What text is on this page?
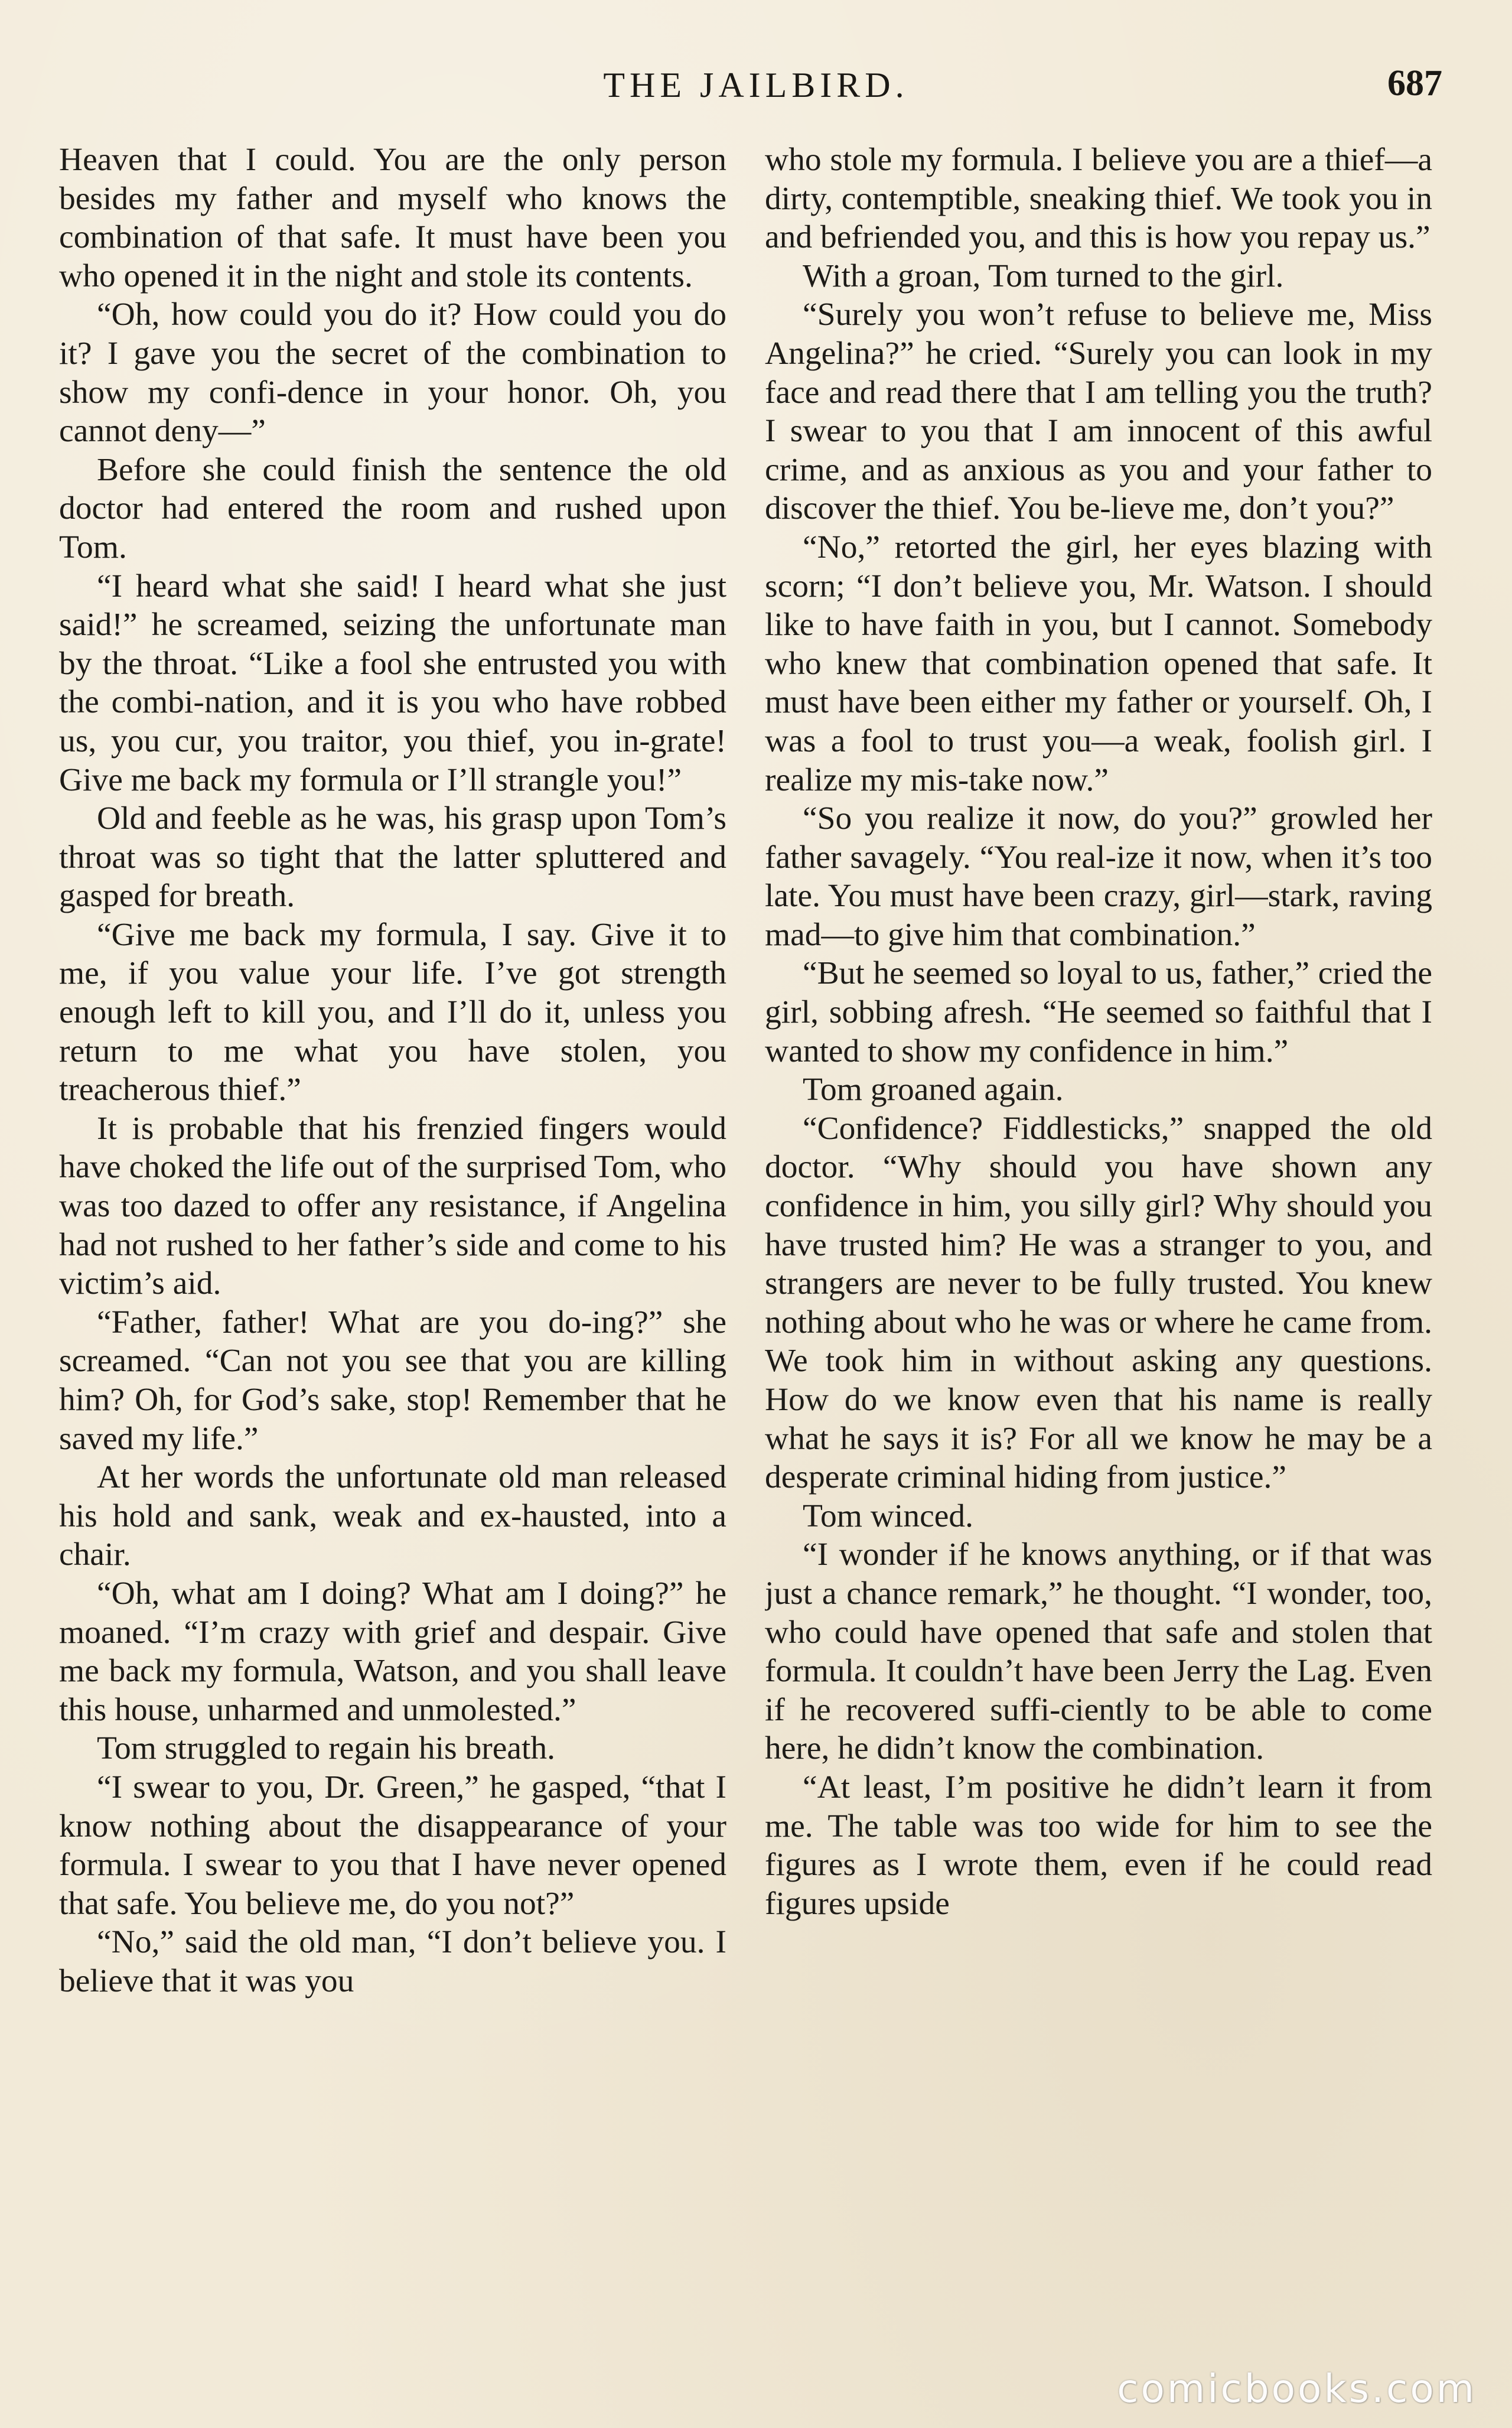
THE JAILBIRD.	687

Heaven that I could. You are the only person besides my father and myself who knows the combination of that safe. It must have been you who opened it in the night and stole its contents.

“Oh, how could you do it? How could you do it? I gave you the secret of the combination to show my confi-dence in your honor. Oh, you cannot deny—”

Before she could finish the sentence the old doctor had entered the room and rushed upon Tom.

“I heard what she said! I heard what she just said!” he screamed, seizing the unfortunate man by the throat. “Like a fool she entrusted you with the combi-nation, and it is you who have robbed us, you cur, you traitor, you thief, you in-grate! Give me back my formula or I’ll strangle you!”

Old and feeble as he was, his grasp upon Tom’s throat was so tight that the latter spluttered and gasped for breath.

“Give me back my formula, I say. Give it to me, if you value your life. I’ve got strength enough left to kill you, and I’ll do it, unless you return to me what you have stolen, you treacherous thief.”

It is probable that his frenzied fingers would have choked the life out of the surprised Tom, who was too dazed to offer any resistance, if Angelina had not rushed to her father’s side and come to his victim’s aid.

“Father, father! What are you do-ing?” she screamed. “Can not you see that you are killing him? Oh, for God’s sake, stop! Remember that he saved my life.”

At her words the unfortunate old man released his hold and sank, weak and ex-hausted, into a chair.

“Oh, what am I doing? What am I doing?” he moaned. “I’m crazy with grief and despair. Give me back my formula, Watson, and you shall leave this house, unharmed and unmolested.”

Tom struggled to regain his breath.

“I swear to you, Dr. Green,” he gasped, “that I know nothing about the disappearance of your formula. I swear to you that I have never opened that safe. You believe me, do you not?”

“No,” said the old man, “I don’t believe you. I believe that it was you

who stole my formula. I believe you are a thief—a dirty, contemptible, sneaking thief. We took you in and befriended you, and this is how you repay us.”

With a groan, Tom turned to the girl.

“Surely you won’t refuse to believe me, Miss Angelina?” he cried. “Surely you can look in my face and read there that I am telling you the truth? I swear to you that I am innocent of this awful crime, and as anxious as you and your father to discover the thief. You be-lieve me, don’t you?”

“No,” retorted the girl, her eyes blazing with scorn; “I don’t believe you, Mr. Watson. I should like to have faith in you, but I cannot. Somebody who knew that combination opened that safe. It must have been either my father or yourself. Oh, I was a fool to trust you—a weak, foolish girl. I realize my mis-take now.”

“So you realize it now, do you?” growled her father savagely. “You real-ize it now, when it’s too late. You must have been crazy, girl—stark, raving mad—to give him that combination.”

“But he seemed so loyal to us, father,” cried the girl, sobbing afresh. “He seemed so faithful that I wanted to show my confidence in him.”

Tom groaned again.

“Confidence? Fiddlesticks,” snapped the old doctor. “Why should you have shown any confidence in him, you silly girl? Why should you have trusted him? He was a stranger to you, and strangers are never to be fully trusted. You knew nothing about who he was or where he came from. We took him in without asking any questions. How do we know even that his name is really what he says it is? For all we know he may be a desperate criminal hiding from justice.”

Tom winced.

“I wonder if he knows anything, or if that was just a chance remark,” he thought. “I wonder, too, who could have opened that safe and stolen that formula. It couldn’t have been Jerry the Lag. Even if he recovered suffi-ciently to be able to come here, he didn’t know the combination.

“At least, I’m positive he didn’t learn it from me. The table was too wide for him to see the figures as I wrote them, even if he could read figures upside

comicbooks.com
